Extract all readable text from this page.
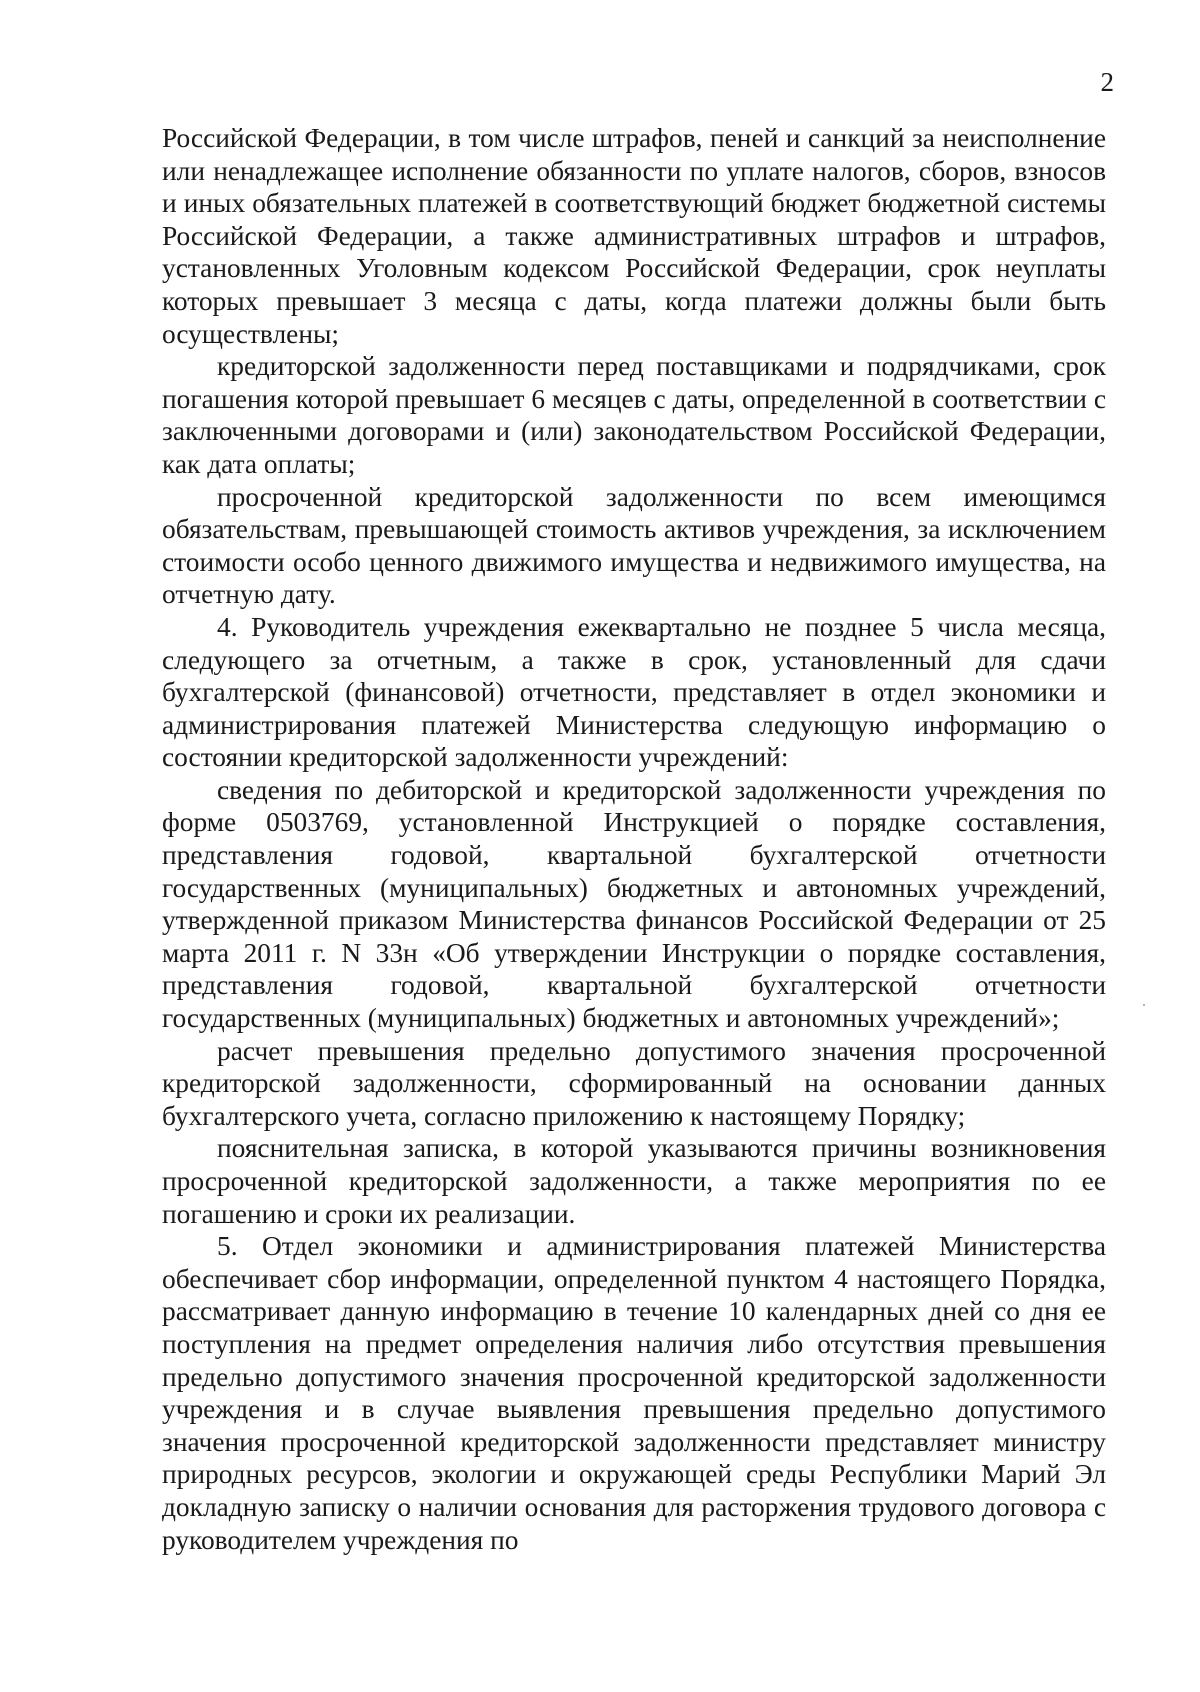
2

Российской Федерации, в том числе штрафов, пеней и санкций за неисполнение или ненадлежащее исполнение обязанности по уплате налогов, сборов, взносов и иных обязательных платежей в соответствующий бюджет бюджетной системы Российской Федерации, а также административных штрафов и штрафов, установленных Уголовным кодексом Российской Федерации, срок неуплаты которых превышает 3 месяца с даты, когда платежи должны были быть осуществлены;

кредиторской задолженности перед поставщиками и подрядчиками, срок погашения которой превышает 6 месяцев с даты, определенной в соответствии с заключенными договорами и (или) законодательством Российской Федерации, как дата оплаты;

просроченной кредиторской задолженности по всем имеющимся обязательствам, превышающей стоимость активов учреждения, за исключением стоимости особо ценного движимого имущества и недвижимого имущества, на отчетную дату.

4. Руководитель учреждения ежеквартально не позднее 5 числа месяца, следующего за отчетным, а также в срок, установленный для сдачи бухгалтерской (финансовой) отчетности, представляет в отдел экономики и администрирования платежей Министерства следующую информацию о состоянии кредиторской задолженности учреждений:

сведения по дебиторской и кредиторской задолженности учреждения по форме 0503769, установленной Инструкцией о порядке составления, представления годовой, квартальной бухгалтерской отчетности государственных (муниципальных) бюджетных и автономных учреждений, утвержденной приказом Министерства финансов Российской Федерации от 25 марта 2011 г. N 33н «Об утверждении Инструкции о порядке составления, представления годовой, квартальной бухгалтерской отчетности государственных (муниципальных) бюджетных и автономных учреждений»;

расчет превышения предельно допустимого значения просроченной кредиторской задолженности, сформированный на основании данных бухгалтерского учета, согласно приложению к настоящему Порядку;

пояснительная записка, в которой указываются причины возникновения просроченной кредиторской задолженности, а также мероприятия по ее погашению и сроки их реализации.

5. Отдел экономики и администрирования платежей Министерства обеспечивает сбор информации, определенной пунктом 4 настоящего Порядка, рассматривает данную информацию в течение 10 календарных дней со дня ее поступления на предмет определения наличия либо отсутствия превышения предельно допустимого значения просроченной кредиторской задолженности учреждения и в случае выявления превышения предельно допустимого значения просроченной кредиторской задолженности представляет министру природных ресурсов, экологии и окружающей среды Республики Марий Эл докладную записку о наличии основания для расторжения трудового договора с руководителем учреждения по
